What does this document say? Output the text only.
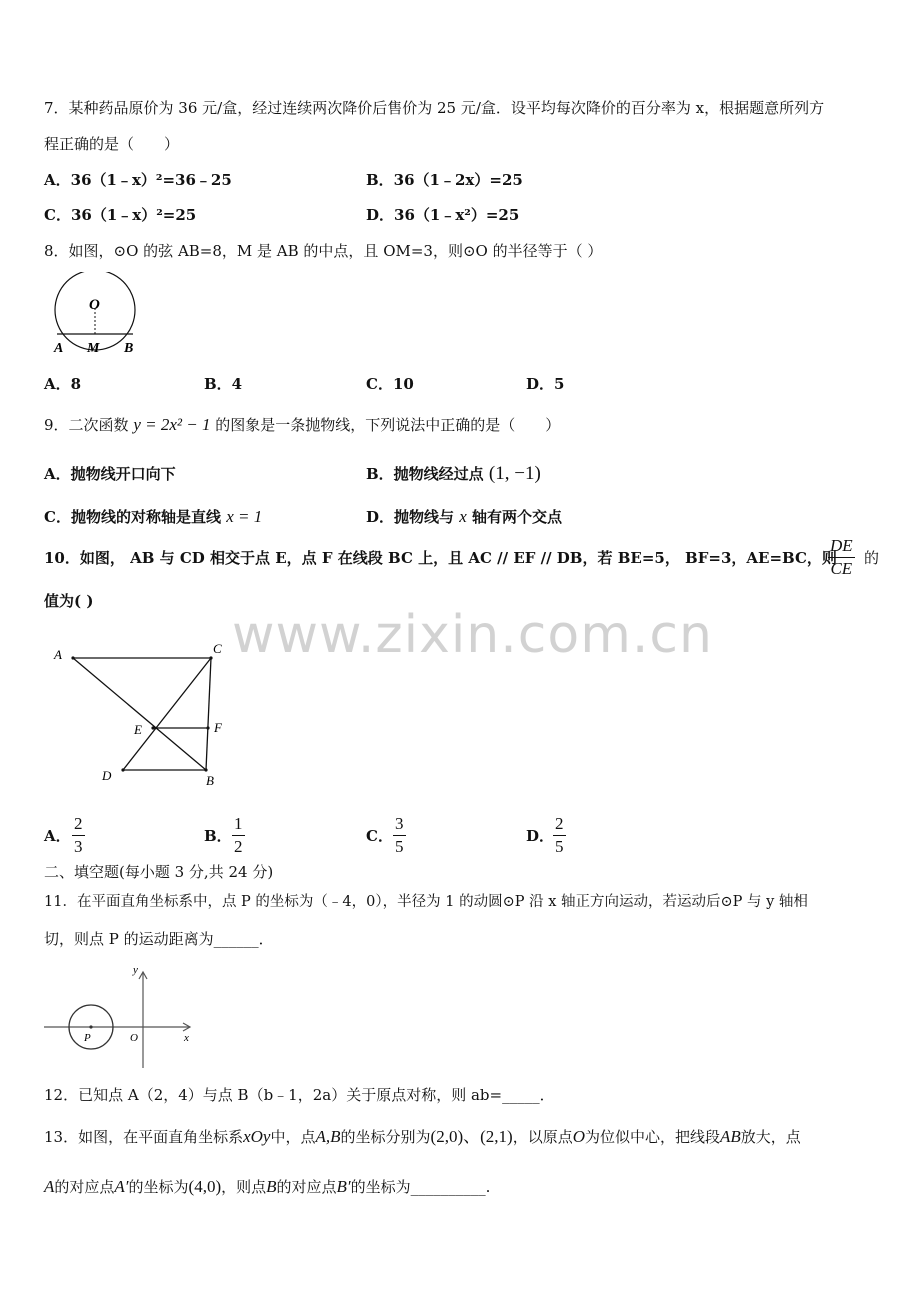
www.zixin.com.cn
7．某种药品原价为 36 元/盒，经过连续两次降价后售价为 25 元/盒．设平均每次降价的百分率为 x，根据题意所列方
程正确的是（　　）
A．36（1﹣x）²=36﹣25	B．36（1﹣2x）=25
C．36（1﹣x）²=25	D．36（1﹣x²）=25
8．如图，⊙O 的弦 AB=8，M 是 AB 的中点，且 OM=3，则⊙O 的半径等于（ ）
O
A M B
A．8	B．4	C．10	D．5
9．二次函数 y = 2x² − 1 的图象是一条抛物线，下列说法中正确的是（　　）
A．抛物线开口向下	B．抛物线经过点 (1, −1)
C．抛物线的对称轴是直线 x = 1	D．抛物线与 x 轴有两个交点
10．如图， AB 与 CD 相交于点 E，点 F 在线段 BC 上，且 AC // EF // DB，若 BE=5， BF=3，AE=BC，则
$\frac{DE}{CE}$ 的
值为( )
A	C
E	F
D	B
A． $\frac{2}{3}$	B． $\frac{1}{2}$	C． $\frac{3}{5}$	D．
$\frac{2}{5}$
二、填空题(每小题 3 分,共 24 分)
11．在平面直角坐标系中，点 P 的坐标为（﹣4，0），半径为 1 的动圆⊙P 沿 x 轴正方向运动，若运动后⊙P 与 y 轴相
切，则点 P 的运动距离为______．
y
P	O	x
12．已知点 A（2，4）与点 B（b﹣1，2a）关于原点对称，则 ab=_____．
13．如图，在平面直角坐标系xOy中，点A,B的坐标分别为(2,0)、(2,1)，以原点O为位似中心，把线段AB放大，点
A的对应点A′的坐标为(4,0)，则点B的对应点B′的坐标为__________.
